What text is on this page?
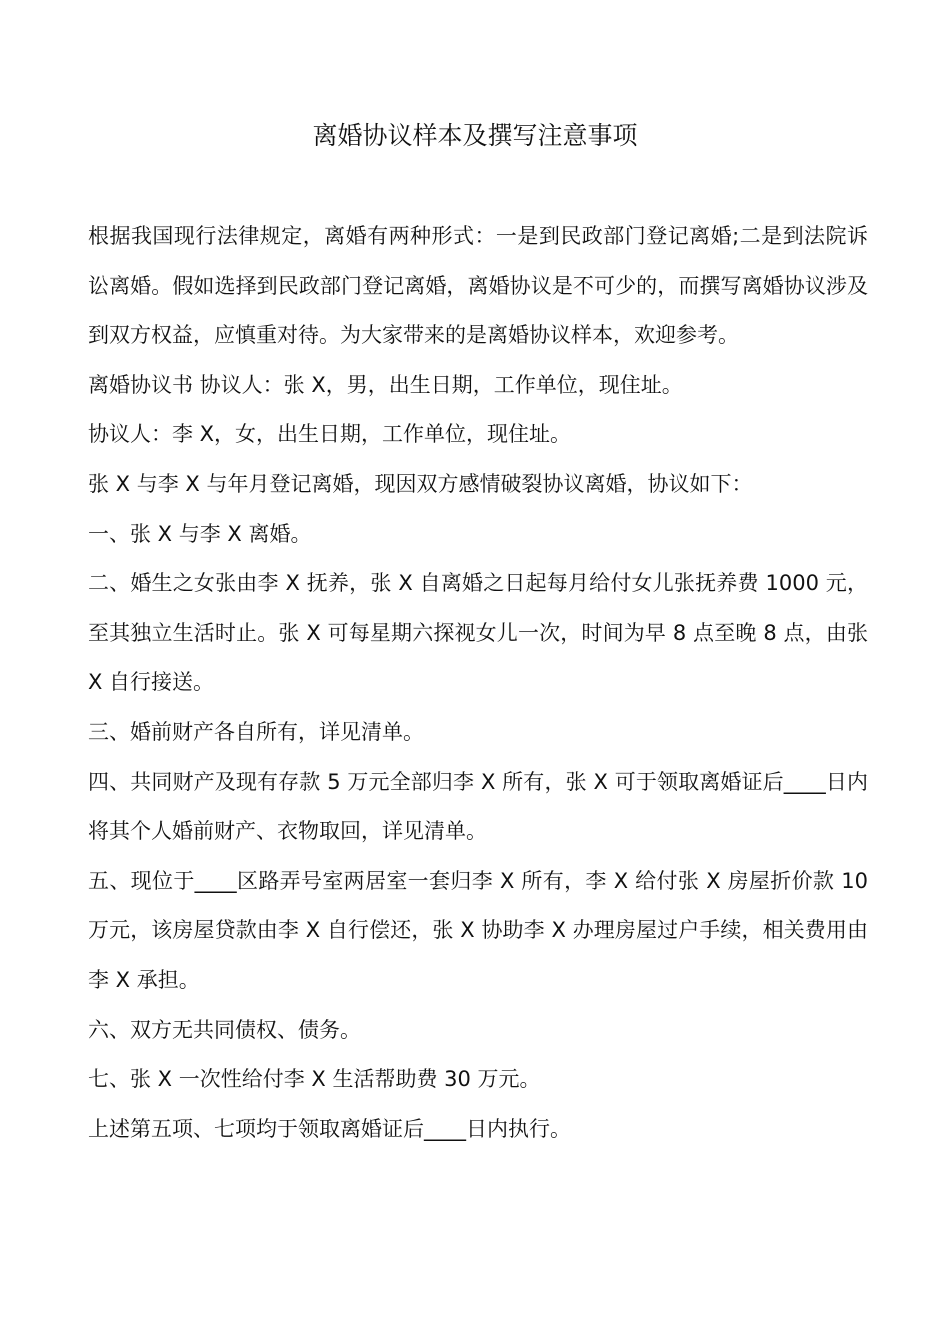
离婚协议样本及撰写注意事项

根据我国现行法律规定，离婚有两种形式：一是到民政部门登记离婚;二是到法院诉讼离婚。假如选择到民政部门登记离婚，离婚协议是不可少的，而撰写离婚协议涉及到双方权益，应慎重对待。为大家带来的是离婚协议样本，欢迎参考。

离婚协议书 协议人：张 X，男，出生日期，工作单位，现住址。

协议人：李 X，女，出生日期，工作单位，现住址。

张 X 与李 X 与年月登记离婚，现因双方感情破裂协议离婚，协议如下：

一、张 X 与李 X 离婚。

二、婚生之女张由李 X 抚养，张 X 自离婚之日起每月给付女儿张抚养费 1000 元，至其独立生活时止。张 X 可每星期六探视女儿一次，时间为早 8 点至晚 8 点，由张 X 自行接送。

三、婚前财产各自所有，详见清单。

四、共同财产及现有存款 5 万元全部归李 X 所有，张 X 可于领取离婚证后____日内将其个人婚前财产、衣物取回，详见清单。

五、现位于____区路弄号室两居室一套归李 X 所有，李 X 给付张 X 房屋折价款 10 万元，该房屋贷款由李 X 自行偿还，张 X 协助李 X 办理房屋过户手续，相关费用由李 X 承担。

六、双方无共同债权、债务。

七、张 X 一次性给付李 X 生活帮助费 30 万元。

上述第五项、七项均于领取离婚证后____日内执行。
